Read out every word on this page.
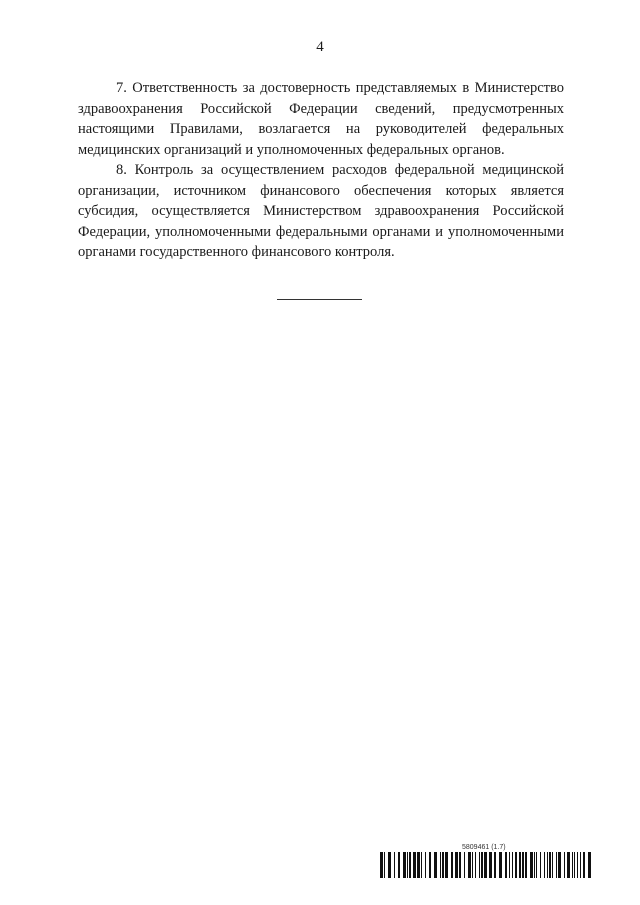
4

7. Ответственность за достоверность представляемых в Министерство здравоохранения Российской Федерации сведений, предусмотренных настоящими Правилами, возлагается на руководителей федеральных медицинских организаций и уполномоченных федеральных органов.

8. Контроль за осуществлением расходов федеральной медицинской организации, источником финансового обеспечения которых является субсидия, осуществляется Министерством здравоохранения Российской Федерации, уполномоченными федеральными органами и уполномоченными органами государственного финансового контроля.

5809461 (1.7)
